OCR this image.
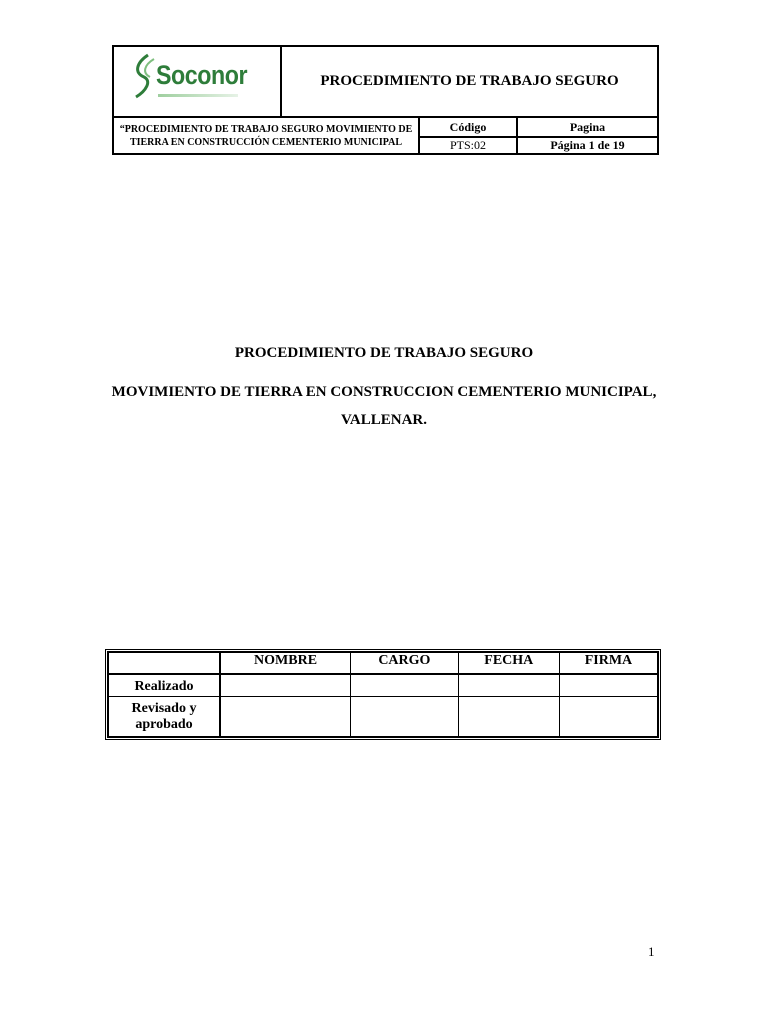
Soconor	PROCEDIMIENTO DE TRABAJO SEGURO
“PROCEDIMIENTO DE TRABAJO SEGURO MOVIMIENTO DE TIERRA EN CONSTRUCCIÓN CEMENTERIO MUNICIPAL
Código	Pagina
PTS:02	Página 1 de 19
PROCEDIMIENTO DE TRABAJO SEGURO
MOVIMIENTO DE TIERRA EN CONSTRUCCION CEMENTERIO MUNICIPAL,
VALLENAR.
	NOMBRE	CARGO	FECHA	FIRMA
Realizado				
Revisado y aprobado				
1
